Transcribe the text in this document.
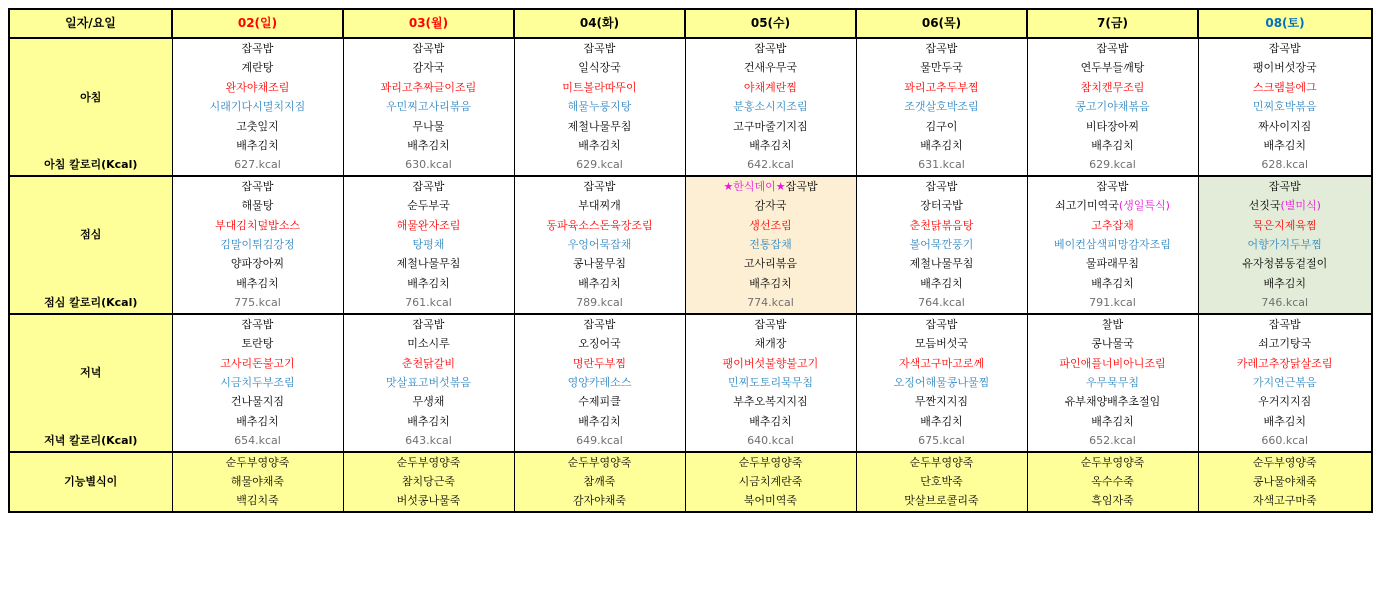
일자/요일	02(일)	03(월)	04(화)	05(수)	06(목)	7(금)	08(토)
아침	잡곡밥	잡곡밥	잡곡밥	잡곡밥	잡곡밥	잡곡밥	잡곡밥
	계란탕	감자국	일식장국	건새우무국	물만두국	연두부들깨탕	팽이버섯장국
	완자야채조림	꽈리고추짜글이조림	미트볼라따뚜이	야채계란찜	꽈리고추두부찜	참치캔무조림	스크램블에그
	시래기다시멸치지짐	우민찌고사리볶음	해물누룽지탕	분홍소시지조림	조갯살호박조림	콩고기야채볶음	민찌호박볶음
	고춧잎지	무나물	제철나물무침	고구마줄기지짐	김구이	비타장아찌	짜사이지짐
	배추김치	배추김치	배추김치	배추김치	배추김치	배추김치	배추김치
아침 칼로리(Kcal)	627.kcal	630.kcal	629.kcal	642.kcal	631.kcal	629.kcal	628.kcal
점심	잡곡밥	잡곡밥	잡곡밥	★한식데이★잡곡밥	잡곡밥	잡곡밥	잡곡밥
	해물탕	순두부국	부대찌개	감자국	장터국밥	쇠고기미역국(생일특식)	선짓국(별미식)
	부대김치덮밥소스	해물완자조림	동파육소스돈육장조림	생선조림	춘천닭볶음탕	고추잡채	묵은지제육찜
	김말이튀김강정	탕평채	우엉어묵잡채	전통잡채	볼어묵깐풍기	베이컨삼색피망감자조림	어향가지두부찜
	양파장아찌	제철나물무침	콩나물무침	고사리볶음	제철나물무침	물파래무침	유자청봄동겉절이
	배추김치	배추김치	배추김치	배추김치	배추김치	배추김치	배추김치
점심 칼로리(Kcal)	775.kcal	761.kcal	789.kcal	774.kcal	764.kcal	791.kcal	746.kcal
저녁	잡곡밥	잡곡밥	잡곡밥	잡곡밥	잡곡밥	찰밥	잡곡밥
	토란탕	미소시루	오징어국	채개장	모듬버섯국	콩나물국	쇠고기탕국
	고사리돈불고기	춘천닭갈비	명란두부찜	팽이버섯불향불고기	자색고구마고로께	파인애플너비아니조림	카레고추장닭살조림
	시금치두부조림	맛살표고버섯볶음	영양카레소스	민찌도토리묵무침	오징어해물콩나물찜	우무묵무침	가지연근볶음
	건나물지짐	무생채	수제피클	부추오복지지짐	무짠지지짐	유부채양배추초절임	우거지지짐
	배추김치	배추김치	배추김치	배추김치	배추김치	배추김치	배추김치
저녁 칼로리(Kcal)	654.kcal	643.kcal	649.kcal	640.kcal	675.kcal	652.kcal	660.kcal
기능별식이	순두부영양죽	순두부영양죽	순두부영양죽	순두부영양죽	순두부영양죽	순두부영양죽	순두부영양죽
	해물야채죽	참치당근죽	참깨죽	시금치계란죽	단호박죽	옥수수죽	콩나물야채죽
	백김치죽	버섯콩나물죽	감자야채죽	북어미역죽	맛살브로콜리죽	흑임자죽	자색고구마죽
